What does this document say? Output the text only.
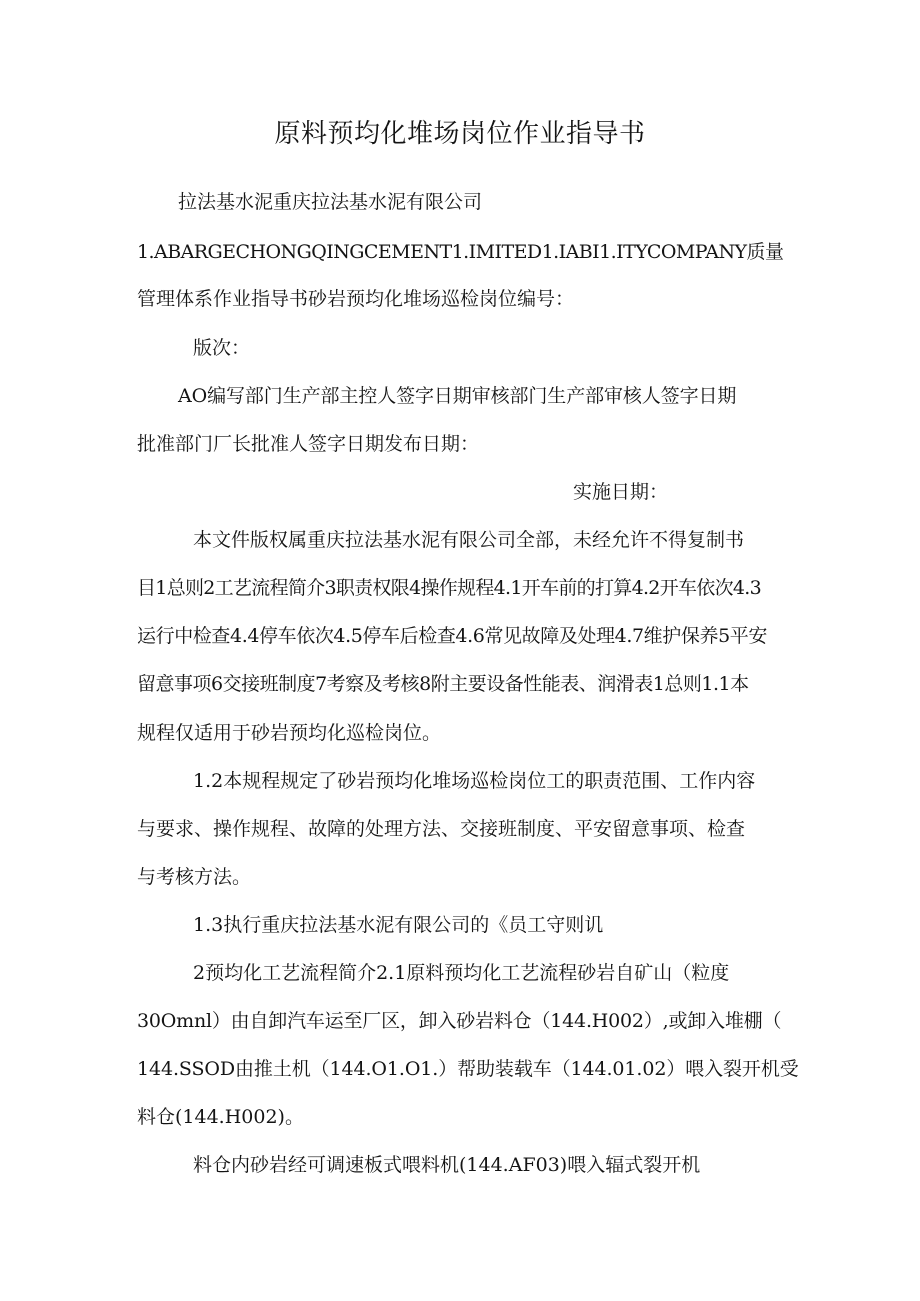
原料预均化堆场岗位作业指导书
拉法基水泥重庆拉法基水泥有限公司
1.ABARGECHONGQINGCEMENT1.IMITED1.IABI1.ITYCOMPANY质量
管理体系作业指导书砂岩预均化堆场巡检岗位编号：
版次：
AO编写部门生产部主控人签字日期审核部门生产部审核人签字日期
批准部门厂长批准人签字日期发布日期：
实施日期：
本文件版权属重庆拉法基水泥有限公司全部，未经允许不得复制书
目1总则2工艺流程简介3职责权限4操作规程4.1开车前的打算4.2开车依次4.3
运行中检查4.4停车依次4.5停车后检查4.6常见故障及处理4.7维护保养5平安
留意事项6交接班制度7考察及考核8附主要设备性能表、润滑表1总则1.1本
规程仅适用于砂岩预均化巡检岗位。
1.2本规程规定了砂岩预均化堆场巡检岗位工的职责范围、工作内容
与要求、操作规程、故障的处理方法、交接班制度、平安留意事项、检查
与考核方法。
1.3执行重庆拉法基水泥有限公司的《员工守则讥
2预均化工艺流程简介2.1原料预均化工艺流程砂岩自矿山（粒度
30Omnl）由自卸汽车运至厂区，卸入砂岩料仓（144.H002）,或卸入堆棚（
144.SSOD由推土机（144.O1.O1.）帮助装载车（144.01.02）喂入裂开机受
料仓(144.H002)。
料仓内砂岩经可调速板式喂料机(144.AF03)喂入辐式裂开机
